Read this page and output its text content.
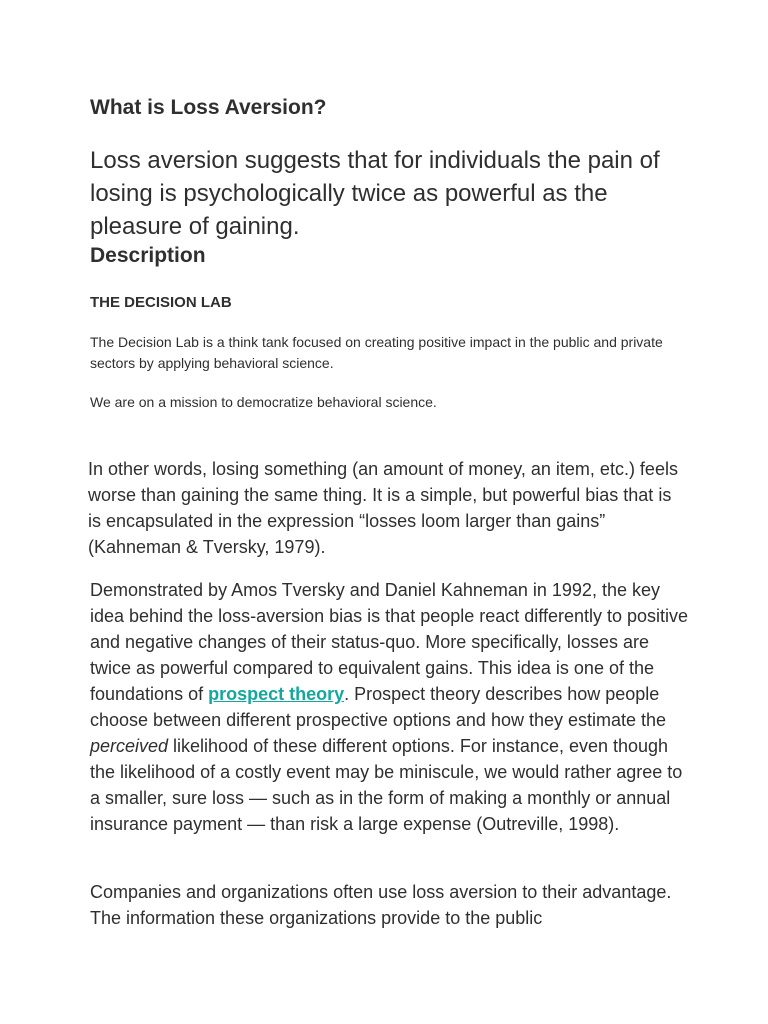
What is Loss Aversion?

Loss aversion suggests that for individuals the pain of losing is psychologically twice as powerful as the pleasure of gaining.

Description
THE DECISION LAB

The Decision Lab is a think tank focused on creating positive impact in the public and private sectors by applying behavioral science.

We are on a mission to democratize behavioral science.

In other words, losing something (an amount of money, an item, etc.) feels worse than gaining the same thing. It is a simple, but powerful bias that is is encapsulated in the expression “losses loom larger than gains” (Kahneman & Tversky, 1979).

Demonstrated by Amos Tversky and Daniel Kahneman in 1992, the key idea behind the loss-aversion bias is that people react differently to positive and negative changes of their status-quo. More specifically, losses are twice as powerful compared to equivalent gains. This idea is one of the foundations of prospect theory. Prospect theory describes how people choose between different prospective options and how they estimate the perceived likelihood of these different options. For instance, even though the likelihood of a costly event may be miniscule, we would rather agree to a smaller, sure loss — such as in the form of making a monthly or annual insurance payment — than risk a large expense (Outreville, 1998).

Companies and organizations often use loss aversion to their advantage. The information these organizations provide to the public
